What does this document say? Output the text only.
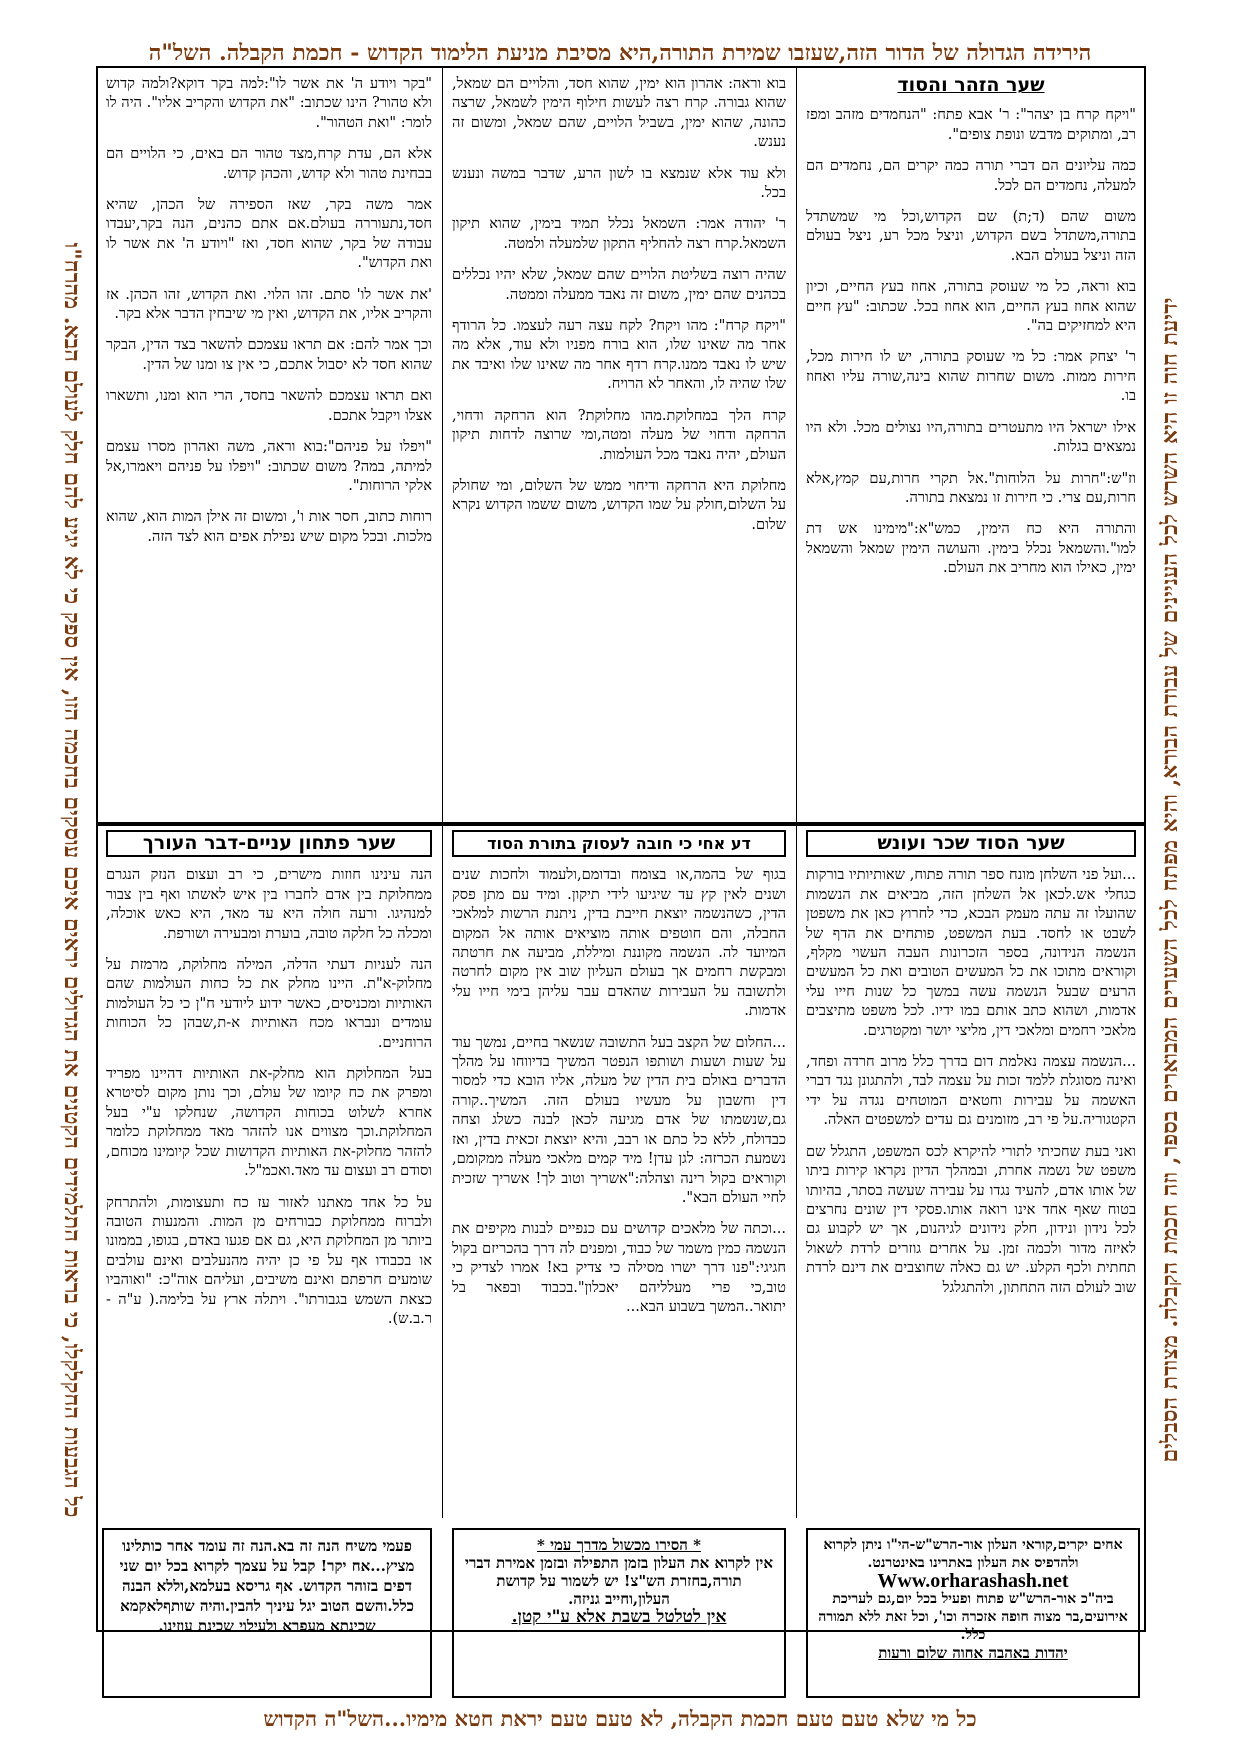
הירידה הגדולה של הדור הזה,שעזבו שמירת התורה,היא מסיבת מניעת הלימוד הקדוש - חכמת הקבלה. השל"ה
כל מי שלא טעם טעם חכמת הקבלה, לא טעם טעם יראת חטא מימיו...השל"ה הקדוש
כל הגבעות החקלקלו, כי בראות התלמידים הקטנים את הגדולים יראים איכם עוסקים בחכמה הזו, אין ספק כי לא יגיע להם חלק לעולם הבא. מהרח"ו	ידיעת חוה זו היא השרש לכל העניינים של עבודת הבורא, והיא מפתח לכל השערים המבוארים בספר, וזה חכמת הקבלה. מצודת הסבלים
שער הזהר והסוד

"ויקח קרח בן יצהר": ר' אבא פתח: "הנחמדים מזהב ומפז רב, ומתוקים מדבש ונופת צופים".

כמה עליונים הם דברי תורה כמה יקרים הם, נחמדים הם למעלה, נחמדים הם לכל.

משום שהם (ד;ת) שם הקדוש,וכל מי שמשתדל בתורה,משתדל בשם הקדוש, וניצל מכל רע, ניצל בעולם הזה וניצל בעולם הבא.

בוא וראה, כל מי שעוסק בתורה, אחוז בעץ החיים, וכיון שהוא אחוז בעץ החיים, הוא אחוז בכל. שכתוב: "עץ חיים היא למחזיקים בה".

ר' יצחק אמר: כל מי שעוסק בתורה, יש לו חירות מכל, חירות ממות. משום שחרות שהוא בינה,שורה עליו ואחוז בו.

אילו ישראל היו מתעטרים בתורה,היו נצולים מכל. ולא היו נמצאים בגלות.

וז"ש:"חרות על הלוחות".אל תקרי חרות,עם קמץ,אלא חרות,עם צרי. כי חירות זו נמצאת בתורה.

והתורה היא כח הימין, כמש"א:"מימינו אש דת למו".והשמאל נכלל בימין. והעושה הימין שמאל והשמאל ימין, כאילו הוא מחריב את העולם.

בוא וראה: אהרון הוא ימין, שהוא חסד, והלויים הם שמאל, שהוא גבורה. קרח רצה לעשות חילוף הימין לשמאל, שרצה כהונה, שהוא ימין, בשביל הלויים, שהם שמאל, ומשום זה נענש.

ולא עוד אלא שנמצא בו לשון הרע, שדבר במשה ונענש בכל.

ר' יהודה אמר: השמאל נכלל תמיד בימין, שהוא תיקון השמאל.קרח רצה להחליף התקון שלמעלה ולמטה.

שהיה רוצה בשליטת הלויים שהם שמאל, שלא יהיו נכללים בכהנים שהם ימין, משום זה נאבד ממעלה וממטה.

"ויקח קרח": מהו ויקח? לקח עצה רעה לעצמו. כל הרודף אחר מה שאינו שלו, הוא בורח מפניו ולא עוד, אלא מה שיש לו נאבד ממנו.קרח רדף אחר מה שאינו שלו ואיבד את שלו שהיה לו, והאחר לא הרויח.

קרח הלך במחלוקת.מהו מחלוקת? הוא הרחקה ודחוי, הרחקה ודחוי של מעלה ומטה,ומי שרוצה לדחות תיקון העולם, יהיה נאבד מכל העולמות.

מחלוקת היא הרחקה ודיחוי ממש של השלום, ומי שחולק על השלום,חולק על שמו הקדוש, משום ששמו הקדוש נקרא שלום.

"בקר ויודע ה' את אשר לו":למה בקר דוקא?ולמה קדוש ולא טהור? הינו שכתוב: "את הקדוש והקריב אליו". היה לו לומר: "ואת הטהור".

אלא הם, עדת קרח,מצד טהור הם באים, כי הלויים הם בבחינת טהור ולא קדוש, והכהן קדוש.

אמר משה בקר, שאז הספירה של הכהן, שהיא חסד,נתעוררה בעולם.אם אתם כהנים, הנה בקר,יעבדו עבודה של בקר, שהוא חסד, ואז "ויודע ה' את אשר לו ואת הקדוש".

'את אשר לו' סתם. זהו הלוי. ואת הקדוש, זהו הכהן. אז והקריב אליו, את הקדוש, ואין מי שיבחין הדבר אלא בקר.

וכך אמר להם: אם תראו עצמכם להשאר בצד הדין, הבקר שהוא חסד לא יסבול אתכם, כי אין צו ומנו של הדין.

ואם תראו עצמכם להשאר בחסד, הרי הוא ומנו, ותשארו אצלו ויקבל אתכם.

"ויפלו על פניהם":בוא וראה, משה ואהרון מסרו עצמם למיתה, במה? משום שכתוב: "ויפלו על פניהם ויאמרו,אל אלקי הרוחות".

רוחות כתוב, חסר אות ו', ומשום זה אילן המות הוא, שהוא מלכות. ובכל מקום שיש נפילת אפים הוא לצד הזה.

שער הסוד שכר ועונש

...ועל פני השלחן מונח ספר תורה פתוח, שאותיותיו בורקות כגחלי אש.לכאן אל השלחן הזה, מביאים את הנשמות שהועלו זה עתה מעמק הבכא, כדי לחרוץ כאן את משפטן לשבט או לחסד. בעת המשפט, פותחים את הדף של הנשמה הנידונה, בספר הזכרונות העבה העשוי מקלף, וקוראים מתוכו את כל המעשים הטובים ואת כל המעשים הרעים שבעל הנשמה עשה במשך כל שנות חייו עלי אדמות, ושהוא כתב אותם במו ידיו. לכל משפט מתיצבים מלאכי רחמים ומלאכי דין, מליצי יושר ומקטרגים.

...הנשמה עצמה נאלמת דום בדרך כלל מרוב חרדה ופחד, ואינה מסוגלת ללמד זכות על עצמה לבד, ולהתגונן נגד דברי האשמה על עבירות וחטאים המוטחים נגדה על ידי הקטגוריה.על פי רב, מזומנים גם עדים למשפטים האלה.

ואני בעת שחכיתי לתורי להיקרא לכס המשפט, התגלל שם משפט של נשמה אחרת, ובמהלך הדיון נקראו קירות ביתו של אותו אדם, להעיד נגדו על עבירה שעשה בסתר, בהיותו בטוח שאף אחד אינו רואה אותו.פסקי דין שונים נחרצים לכל נידון ונידון, חלק נידונים לגיהנום, אך יש לקבוע גם לאיזה מדור ולכמה זמן. על אחרים גוזרים לרדת לשאול תחתית ולכף הקלע. יש גם כאלה שחוצבים את דינם לרדת שוב לעולם הזה התחתון, ולהתגלגל

דע אחי כי חובה לעסוק בתורת הסוד

בגוף של בהמה,או בצומח ובדומם,ולעמוד ולחכות שנים ושנים לאין קץ עד שיגיעו לידי תיקון. ומיד עם מתן פסק הדין, כשהנשמה יוצאת חייבת בדין, ניתנת הרשות למלאכי החבלה, והם חוטפים אותה מוציאים אותה אל המקום המיועד לה. הנשמה מקוננת ומיללת, מביעה את חרטתה ומבקשת רחמים אך בעולם העליון שוב אין מקום לחרטה ולתשובה על העבירות שהאדם עבר עליהן בימי חייו עלי אדמות.

...החלום של הקצב בעל התשובה שנשאר בחיים, נמשך עוד על שעות ושעות ושותפו הנפטר המשיך בדיווחו על מהלך הדברים באולם בית הדין של מעלה, אליו הובא כדי למסור דין וחשבון על מעשיו בעולם הזה. המשיך..קורה גם,שנשמתו של אדם מגיעה לכאן לבנה כשלג וצחה כבדולח, ללא כל כתם או רבב, והיא יוצאת זכאית בדין, ואז נשמעת הכרזה: לגן עדן! מיד קמים מלאכי מעלה ממקומם, וקוראים בקול רינה וצהלה:"אשריך וטוב לך! אשריך שזכית לחיי העולם הבא".

...וכתה של מלאכים קדושים עם כנפיים לבנות מקיפים את הנשמה כמין משמר של כבוד, ומפנים לה דרך בהכריזם בקול חגיגי:"פנו דרך ישרו מסילה כי צדיק בא! אמרו לצדיק כי טוב,כי פרי מעלליהם יאכלון".בכבוד ובפאר בל יתואר..המשך בשבוע הבא...

שער פתחון עניים-דבר העורך

הנה עינינו חוזות מישרים, כי רב ועצום הנזק הנגרם ממחלוקת בין אדם לחברו בין איש לאשתו ואף בין צבור למנהיגו. ורעה חולה היא עד מאד, היא כאש אוכלה, ומכלה כל חלקה טובה, בוערת ומבעירה ושורפת.

הנה לעניות דעתי הדלה, המילה מחלוקת, מרמזת על מחלוק-א"ת. היינו מחלק את כל כחות העולמות שהם האותיות ומכניסים, כאשר ידוע ליודעי ח"ן כי כל העולמות עומדים ונבראו מכח האותיות א-ת,שבהן כל הכוחות הרוחניים.

בעל המחלוקת הוא מחלק-את האותיות דהיינו מפריד ומפרק את כח קיומו של עולם, וכך נותן מקום לסיטרא אחרא לשלוט בכוחות הקדושה, שנחלקו ע"י בעל המחלוקת.וכך מצווים אנו להזהר מאד ממחלוקת כלומר להזהר מחלוק-את האותיות הקדושות שכל קיומינו מכוחם, וסודם רב ועצום עד מאד.ואכמ"ל.

על כל אחד מאתנו לאזור עז כח ותעצומות, ולהתרחק ולברוח ממחלוקת כבורחים מן המות. והמנעות הטובה ביותר מן המחלוקת היא, גם אם פגעו באדם, בגופו, בממונו או בכבודו אף על פי כן יהיה מהנעלבים ואינם עולבים שומעים חרפתם ואינם משיבים, ועליהם אוה"כ: "ואוהביו כצאת השמש בגבורתו". ויתלה ארץ על בלימה.( ע"ה - ר.ב.ש).

אחים יקרים,קוראי העלון אור-הרש"ש-הי"ו ניתן לקרוא ולהדפיס את העלון באתרינו באינטרנט.
Www.orharashash.net
ביה"כ אור-הרש"ש פתוח ופעיל בכל יום,גם לעריכת אירועים,בר מצוה חופה אזכרה וכו', וכל זאת ללא תמורה כלל.
יהדות באהבה אחוה שלום ורעות
* הסירו מכשול מדרך עמי *
אין לקרוא את העלון בזמן התפילה ובזמן אמירת דברי תורה,בחזרת הש"צ! יש לשמור על קדושת העלון,וחייב גניזה.
אין לטלטל בשבת אלא ע"י קטן.
פעמי משיח הנה זה בא.הנה זה עומד אחר כותלינו מציץ...אח יקר! קבל על עצמך לקרוא בכל יום שני דפים בזוהר הקדוש. אף גריסא בעלמא,וללא הבנה כלל.והשם הטוב יגל עיניך להבין.והיה שותףלאקמא שכינתא מעפרא ולעילוי שכינת עוזינו.
